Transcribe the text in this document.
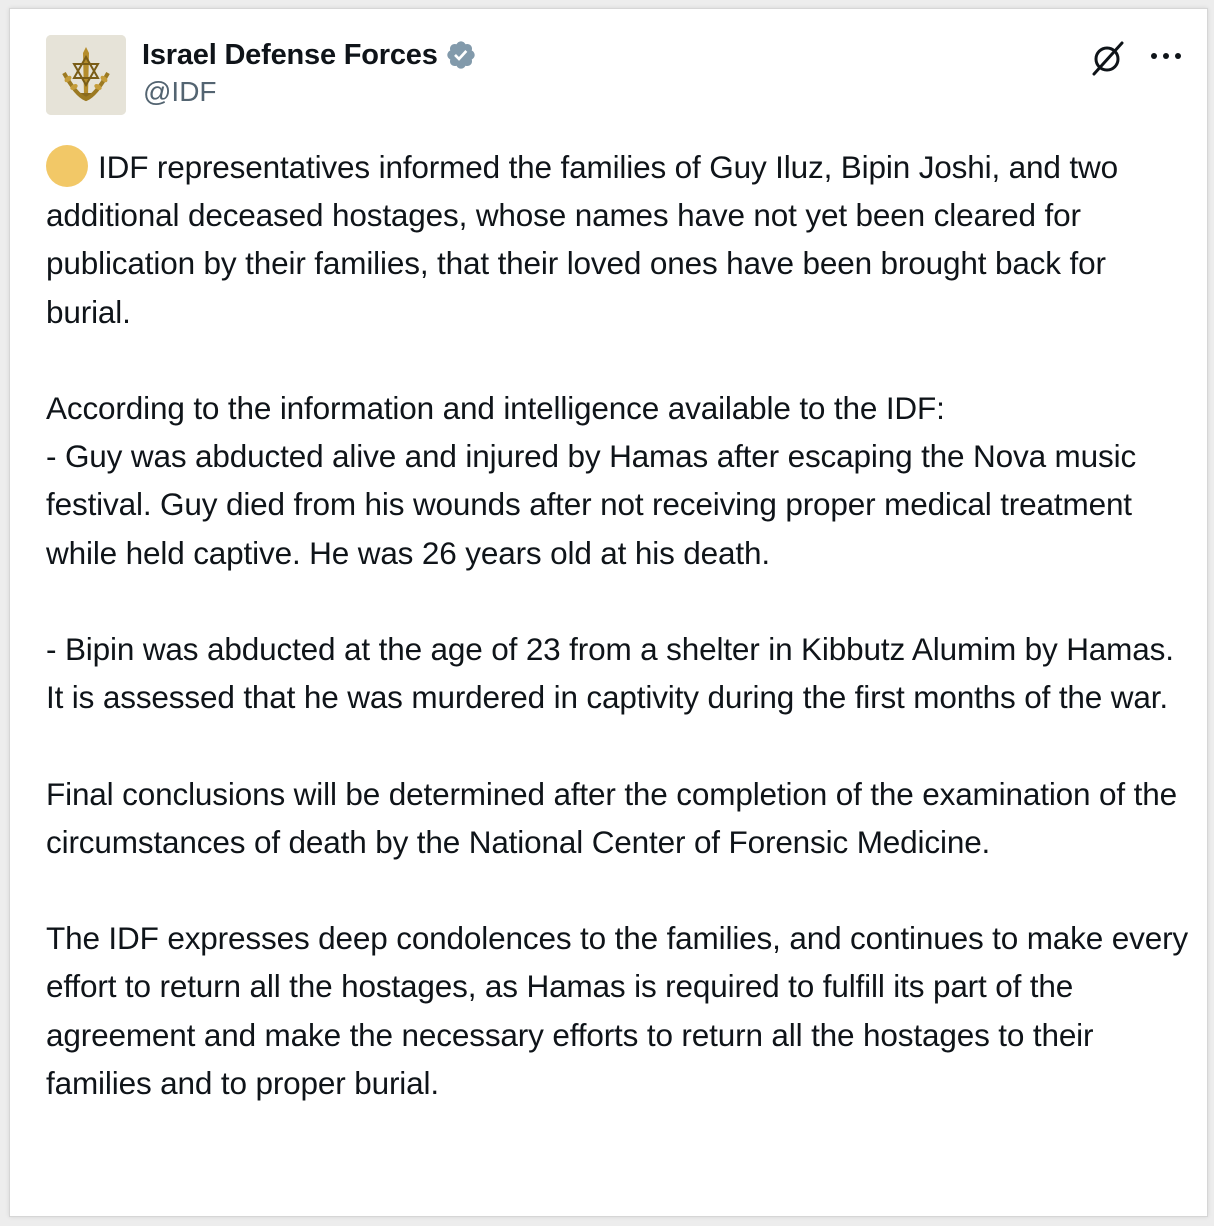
Israel Defense Forces
@IDF
IDF representatives informed the families of Guy Iluz, Bipin Joshi, and two additional deceased hostages, whose names have not yet been cleared for publication by their families, that their loved ones have been brought back for burial.
According to the information and intelligence available to the IDF:
- Guy was abducted alive and injured by Hamas after escaping the Nova music festival. Guy died from his wounds after not receiving proper medical treatment while held captive. He was 26 years old at his death.
- Bipin was abducted at the age of 23 from a shelter in Kibbutz Alumim by Hamas. It is assessed that he was murdered in captivity during the first months of the war.
Final conclusions will be determined after the completion of the examination of the circumstances of death by the National Center of Forensic Medicine.
The IDF expresses deep condolences to the families, and continues to make every effort to return all the hostages, as Hamas is required to fulfill its part of the agreement and make the necessary efforts to return all the hostages to their families and to proper burial.
